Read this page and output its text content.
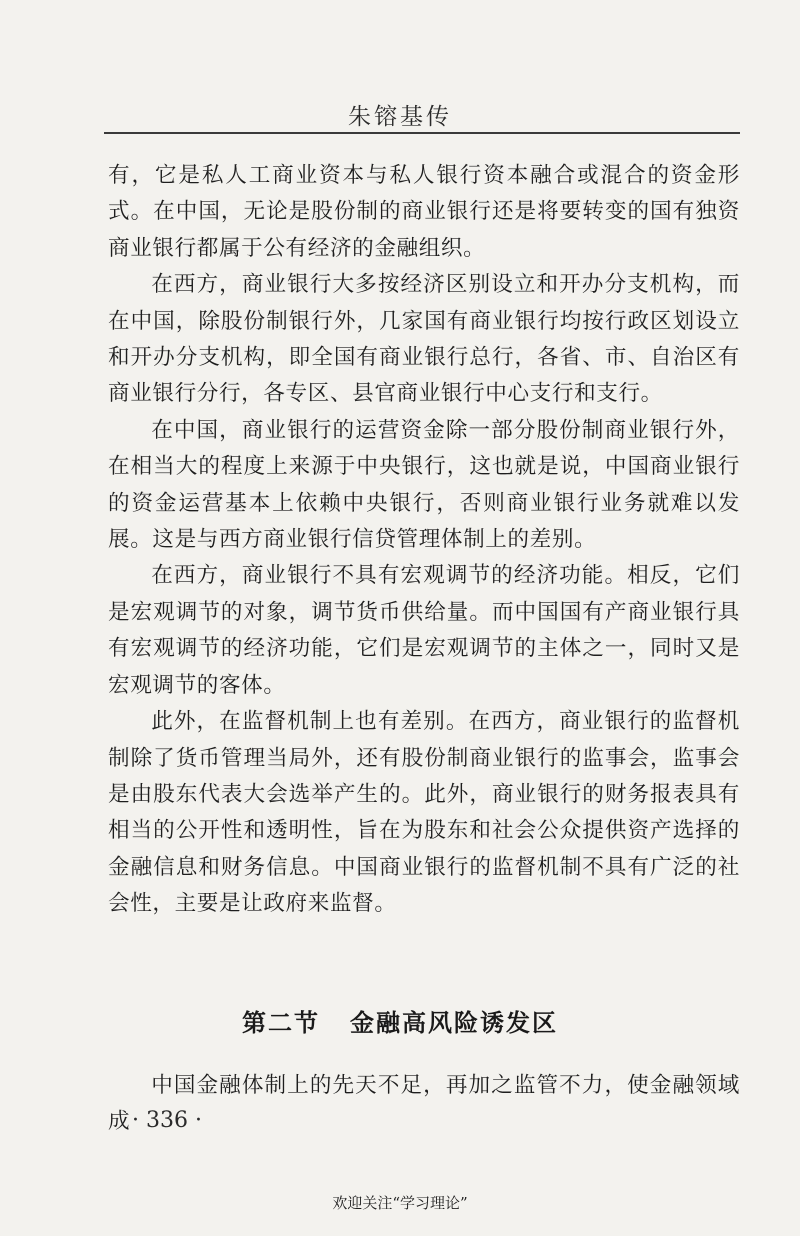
朱镕基传

有，它是私人工商业资本与私人银行资本融合或混合的资金形式。在中国，无论是股份制的商业银行还是将要转变的国有独资商业银行都属于公有经济的金融组织。

在西方，商业银行大多按经济区别设立和开办分支机构，而在中国，除股份制银行外，几家国有商业银行均按行政区划设立和开办分支机构，即全国有商业银行总行，各省、市、自治区有商业银行分行，各专区、县官商业银行中心支行和支行。

在中国，商业银行的运营资金除一部分股份制商业银行外，在相当大的程度上来源于中央银行，这也就是说，中国商业银行的资金运营基本上依赖中央银行，否则商业银行业务就难以发展。这是与西方商业银行信贷管理体制上的差别。

在西方，商业银行不具有宏观调节的经济功能。相反，它们是宏观调节的对象，调节货币供给量。而中国国有产商业银行具有宏观调节的经济功能，它们是宏观调节的主体之一，同时又是宏观调节的客体。

此外，在监督机制上也有差别。在西方，商业银行的监督机制除了货币管理当局外，还有股份制商业银行的监事会，监事会是由股东代表大会选举产生的。此外，商业银行的财务报表具有相当的公开性和透明性，旨在为股东和社会公众提供资产选择的金融信息和财务信息。中国商业银行的监督机制不具有广泛的社会性，主要是让政府来监督。

第二节 金融高风险诱发区

中国金融体制上的先天不足，再加之监管不力，使金融领域成 · 336 ·
欢迎关注“学习理论”
